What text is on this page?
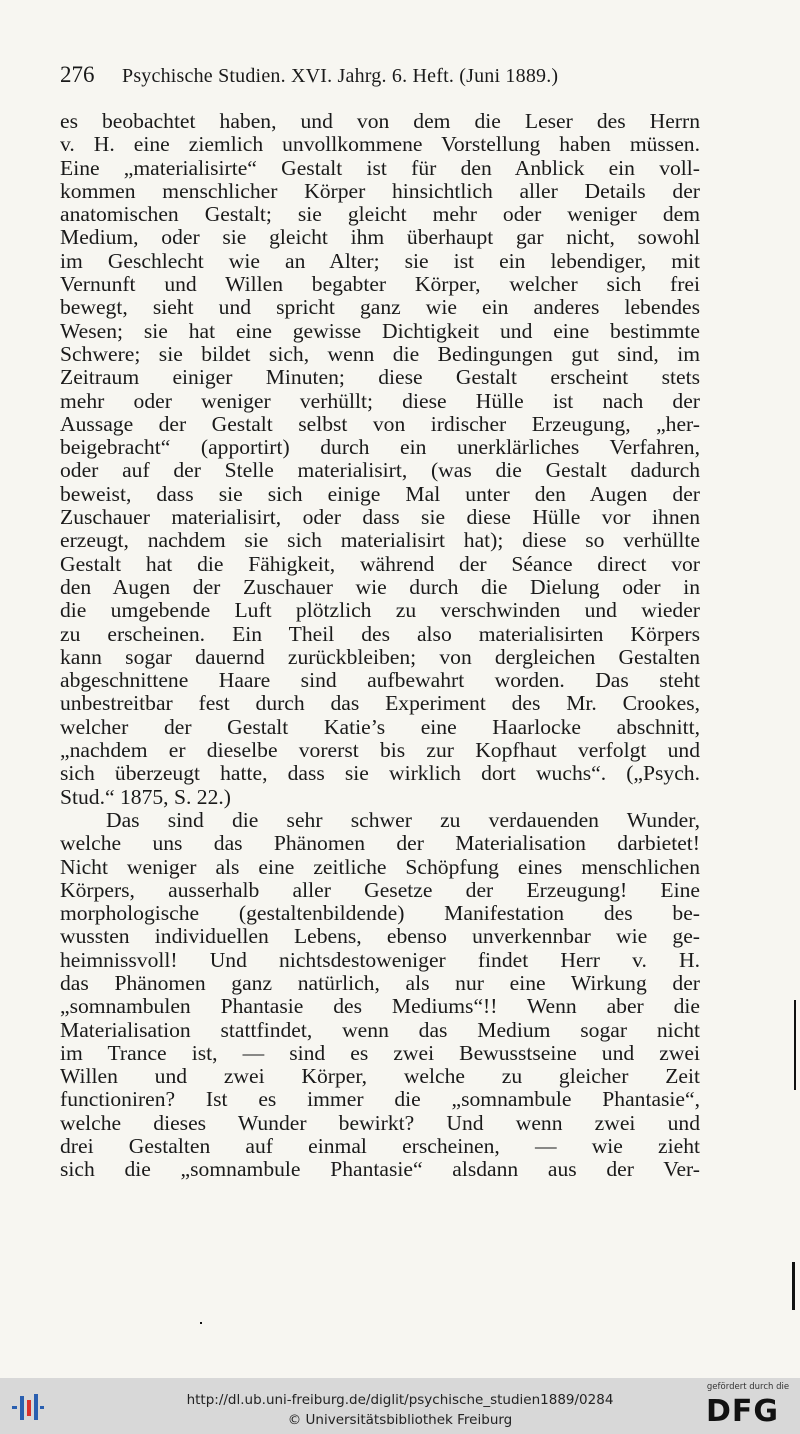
276 Psychische Studien. XVI. Jahrg. 6. Heft. (Juni 1889.)
es beobachtet haben, und von dem die Leser des Herrn
v. H. eine ziemlich unvollkommene Vorstellung haben müssen.
Eine „materialisirte“ Gestalt ist für den Anblick ein voll-
kommen menschlicher Körper hinsichtlich aller Details der
anatomischen Gestalt; sie gleicht mehr oder weniger dem
Medium, oder sie gleicht ihm überhaupt gar nicht, sowohl
im Geschlecht wie an Alter; sie ist ein lebendiger, mit
Vernunft und Willen begabter Körper, welcher sich frei
bewegt, sieht und spricht ganz wie ein anderes lebendes
Wesen; sie hat eine gewisse Dichtigkeit und eine bestimmte
Schwere; sie bildet sich, wenn die Bedingungen gut sind, im
Zeitraum einiger Minuten; diese Gestalt erscheint stets
mehr oder weniger verhüllt; diese Hülle ist nach der
Aussage der Gestalt selbst von irdischer Erzeugung, „her-
beigebracht“ (apportirt) durch ein unerklärliches Verfahren,
oder auf der Stelle materialisirt, (was die Gestalt dadurch
beweist, dass sie sich einige Mal unter den Augen der
Zuschauer materialisirt, oder dass sie diese Hülle vor ihnen
erzeugt, nachdem sie sich materialisirt hat); diese so verhüllte
Gestalt hat die Fähigkeit, während der Séance direct vor
den Augen der Zuschauer wie durch die Dielung oder in
die umgebende Luft plötzlich zu verschwinden und wieder
zu erscheinen. Ein Theil des also materialisirten Körpers
kann sogar dauernd zurückbleiben; von dergleichen Gestalten
abgeschnittene Haare sind aufbewahrt worden. Das steht
unbestreitbar fest durch das Experiment des Mr. Crookes,
welcher der Gestalt Katie’s eine Haarlocke abschnitt,
„nachdem er dieselbe vorerst bis zur Kopfhaut verfolgt und
sich überzeugt hatte, dass sie wirklich dort wuchs“. („Psych.
Stud.“ 1875, S. 22.)
Das sind die sehr schwer zu verdauenden Wunder,
welche uns das Phänomen der Materialisation darbietet!
Nicht weniger als eine zeitliche Schöpfung eines menschlichen
Körpers, ausserhalb aller Gesetze der Erzeugung! Eine
morphologische (gestaltenbildende) Manifestation des be-
wussten individuellen Lebens, ebenso unverkennbar wie ge-
heimnissvoll! Und nichtsdestoweniger findet Herr v. H.
das Phänomen ganz natürlich, als nur eine Wirkung der
„somnambulen Phantasie des Mediums“!! Wenn aber die
Materialisation stattfindet, wenn das Medium sogar nicht
im Trance ist, — sind es zwei Bewusstseine und zwei
Willen und zwei Körper, welche zu gleicher Zeit
functioniren? Ist es immer die „somnambule Phantasie“,
welche dieses Wunder bewirkt? Und wenn zwei und
drei Gestalten auf einmal erscheinen, — wie zieht
sich die „somnambule Phantasie“ alsdann aus der Ver-
http://dl.ub.uni-freiburg.de/diglit/psychische_studien1889/0284
© Universitätsbibliothek Freiburg
gefördert durch die
DFG
